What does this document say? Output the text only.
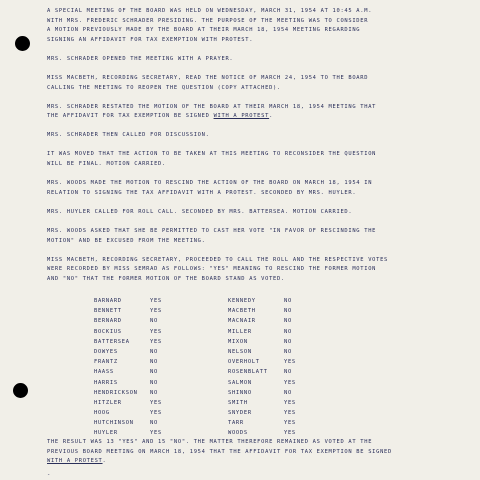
A SPECIAL MEETING OF THE BOARD WAS HELD ON WEDNESDAY, MARCH 31, 1954 AT 10:45 A.M.
WITH MRS. FREDERIC SCHRADER PRESIDING. THE PURPOSE OF THE MEETING WAS TO CONSIDER
A MOTION PREVIOUSLY MADE BY THE BOARD AT THEIR MARCH 18, 1954 MEETING REGARDING
SIGNING AN AFFIDAVIT FOR TAX EXEMPTION WITH PROTEST.

MRS. SCHRADER OPENED THE MEETING WITH A PRAYER.

MISS MACBETH, RECORDING SECRETARY, READ THE NOTICE OF MARCH 24, 1954 TO THE BOARD
CALLING THE MEETING TO REOPEN THE QUESTION (COPY ATTACHED).

MRS. SCHRADER RESTATED THE MOTION OF THE BOARD AT THEIR MARCH 18, 1954 MEETING THAT
THE AFFIDAVIT FOR TAX EXEMPTION BE SIGNED WITH A PROTEST.

MRS. SCHRADER THEN CALLED FOR DISCUSSION.

IT WAS MOVED THAT THE ACTION TO BE TAKEN AT THIS MEETING TO RECONSIDER THE QUESTION
WILL BE FINAL. MOTION CARRIED.

MRS. WOODS MADE THE MOTION TO RESCIND THE ACTION OF THE BOARD ON MARCH 18, 1954 IN
RELATION TO SIGNING THE TAX AFFIDAVIT WITH A PROTEST. SECONDED BY MRS. HUYLER.

MRS. HUYLER CALLED FOR ROLL CALL. SECONDED BY MRS. BATTERSEA. MOTION CARRIED.

MRS. WOODS ASKED THAT SHE BE PERMITTED TO CAST HER VOTE "IN FAVOR OF RESCINDING THE
MOTION" AND BE EXCUSED FROM THE MEETING.

MISS MACBETH, RECORDING SECRETARY, PROCEEDED TO CALL THE ROLL AND THE RESPECTIVE VOTES
WERE RECORDED BY MISS SEMRAD AS FOLLOWS: "YES" MEANING TO RESCIND THE FORMER MOTION
AND "NO" THAT THE FORMER MOTION OF THE BOARD STAND AS VOTED.

BARNARD	YES
BENNETT	YES
BERNARD	NO
BOCKIUS	YES
BATTERSEA	YES
DOWYES	NO
FRANTZ	NO
HAASS	NO
HARRIS	NO
HENDRICKSON NO
HITZLER	YES
HOOG	YES
HUTCHINSON	NO
HUYLER	YES
KENNEDY	NO
MACBETH	NO
MACNAIR	NO
MILLER	NO
MIXON	NO
NELSON	NO
OVERHOLT	YES
ROSENBLATT	NO
SALMON	YES
SHINNO	NO
SMITH	YES
SNYDER	YES
TARR	YES
WOODS	YES

THE RESULT WAS 13 "YES" AND 15 "NO". THE MATTER THEREFORE REMAINED AS VOTED AT THE
PREVIOUS BOARD MEETING ON MARCH 18, 1954 THAT THE AFFIDAVIT FOR TAX EXEMPTION BE SIGNED
WITH A PROTEST.

-
